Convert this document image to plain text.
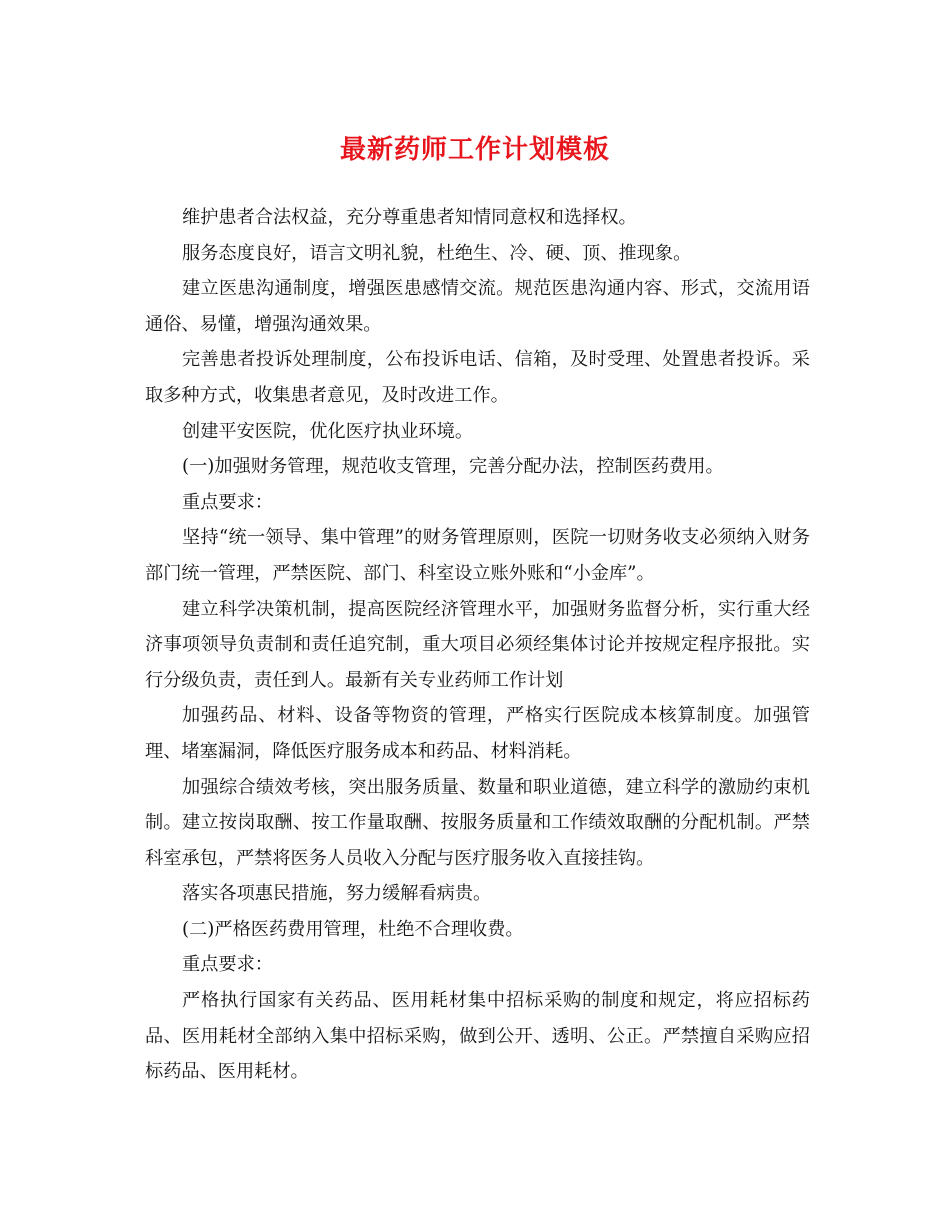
最新药师工作计划模板

维护患者合法权益，充分尊重患者知情同意权和选择权。

服务态度良好，语言文明礼貌，杜绝生、冷、硬、顶、推现象。

建立医患沟通制度，增强医患感情交流。规范医患沟通内容、形式，交流用语通俗、易懂，增强沟通效果。

完善患者投诉处理制度，公布投诉电话、信箱，及时受理、处置患者投诉。采取多种方式，收集患者意见，及时改进工作。

创建平安医院，优化医疗执业环境。

(一)加强财务管理，规范收支管理，完善分配办法，控制医药费用。

重点要求：

坚持“统一领导、集中管理”的财务管理原则，医院一切财务收支必须纳入财务部门统一管理，严禁医院、部门、科室设立账外账和“小金库”。

建立科学决策机制，提高医院经济管理水平，加强财务监督分析，实行重大经济事项领导负责制和责任追究制，重大项目必须经集体讨论并按规定程序报批。实行分级负责，责任到人。最新有关专业药师工作计划

加强药品、材料、设备等物资的管理，严格实行医院成本核算制度。加强管理、堵塞漏洞，降低医疗服务成本和药品、材料消耗。

加强综合绩效考核，突出服务质量、数量和职业道德，建立科学的激励约束机制。建立按岗取酬、按工作量取酬、按服务质量和工作绩效取酬的分配机制。严禁科室承包，严禁将医务人员收入分配与医疗服务收入直接挂钩。

落实各项惠民措施，努力缓解看病贵。

(二)严格医药费用管理，杜绝不合理收费。

重点要求：

严格执行国家有关药品、医用耗材集中招标采购的制度和规定，将应招标药品、医用耗材全部纳入集中招标采购，做到公开、透明、公正。严禁擅自采购应招标药品、医用耗材。
